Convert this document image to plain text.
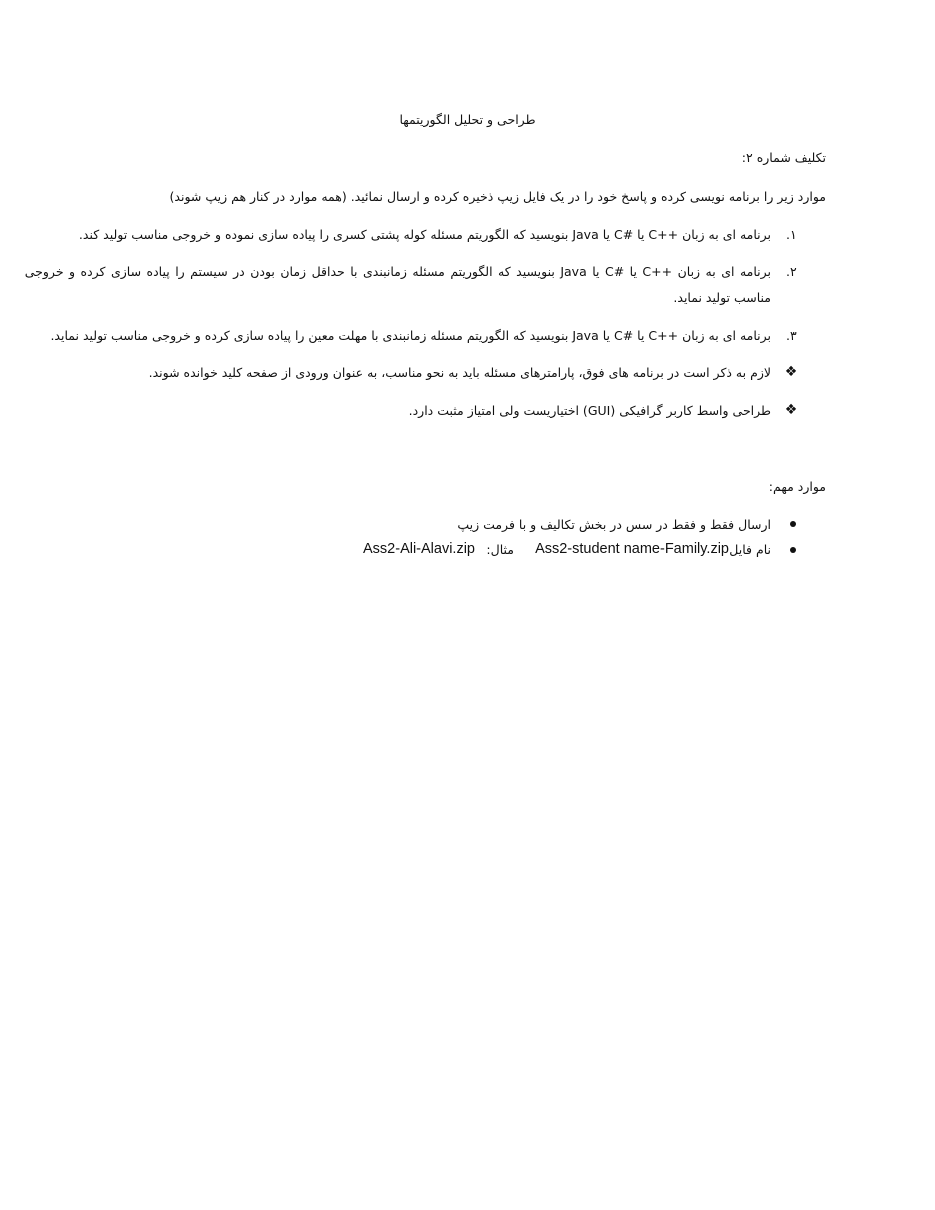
طراحی و تحلیل الگوریتمها
تکلیف شماره ۲:
موارد زیر را برنامه نویسی کرده و پاسخ خود را در یک فایل زیپ ذخیره کرده و ارسال نمائید. (همه موارد در کنار هم زیپ شوند)
۱.
برنامه ای به زبان ++C یا #C یا Java بنویسید که الگوریتم مسئله کوله پشتی کسری را پیاده سازی نموده و خروجی مناسب تولید کند.
۲.
برنامه ای به زبان ++C یا #C یا Java بنویسید که الگوریتم مسئله زمانبندی با حداقل زمان بودن در سیستم را پیاده سازی کرده و خروجی
مناسب تولید نماید.
۳.
برنامه ای به زبان ++C یا #C یا Java بنویسید که الگوریتم مسئله زمانبندی با مهلت معین را پیاده سازی کرده و خروجی مناسب تولید نماید.
❖
لازم به ذکر است در برنامه های فوق، پارامترهای مسئله باید به نحو مناسب، به عنوان ورودی از صفحه کلید خوانده شوند.
❖
طراحی واسط کاربر گرافیکی (GUI) اختیاریست ولی امتیاز مثبت دارد.
موارد مهم:
ارسال فقط و فقط در سس در بخش تکالیف و با فرمت زیپ
نام فایل
Ass2-student name-Family.zip
مثال:
Ass2-Ali-Alavi.zip
